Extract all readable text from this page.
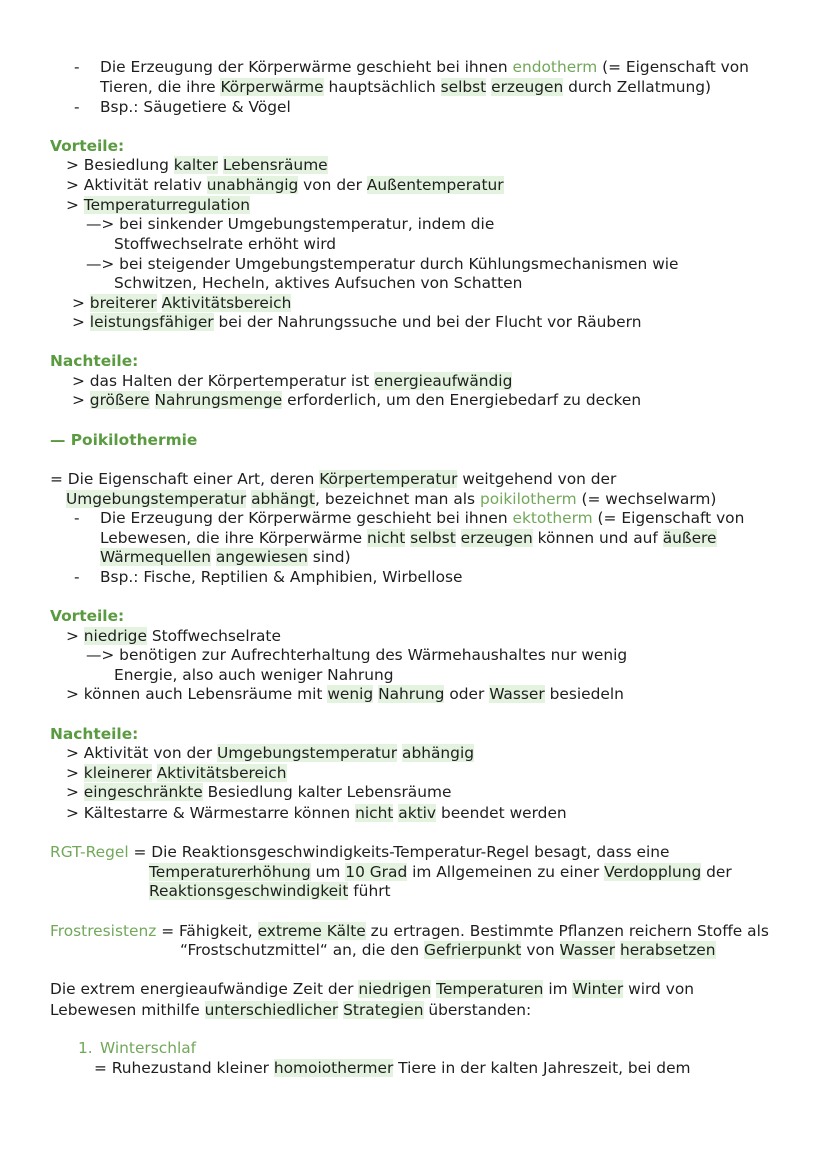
- Die Erzeugung der Körperwärme geschieht bei ihnen endotherm (= Eigenschaft von
Tieren, die ihre Körperwärme hauptsächlich selbst erzeugen durch Zellatmung)
- Bsp.: Säugetiere & Vögel
Vorteile:
> Besiedlung kalter Lebensräume
> Aktivität relativ unabhängig von der Außentemperatur
> Temperaturregulation
—> bei sinkender Umgebungstemperatur, indem die
Stoffwechselrate erhöht wird
—> bei steigender Umgebungstemperatur durch Kühlungsmechanismen wie
Schwitzen, Hecheln, aktives Aufsuchen von Schatten
> breiterer Aktivitätsbereich
> leistungsfähiger bei der Nahrungssuche und bei der Flucht vor Räubern
Nachteile:
> das Halten der Körpertemperatur ist energieaufwändig
> größere Nahrungsmenge erforderlich, um den Energiebedarf zu decken
— Poikilothermie
= Die Eigenschaft einer Art, deren Körpertemperatur weitgehend von der
Umgebungstemperatur abhängt, bezeichnet man als poikilotherm (= wechselwarm)
- Die Erzeugung der Körperwärme geschieht bei ihnen ektotherm (= Eigenschaft von
Lebewesen, die ihre Körperwärme nicht selbst erzeugen können und auf äußere
Wärmequellen angewiesen sind)
- Bsp.: Fische, Reptilien & Amphibien, Wirbellose
Vorteile:
> niedrige Stoffwechselrate
—> benötigen zur Aufrechterhaltung des Wärmehaushaltes nur wenig
Energie, also auch weniger Nahrung
> können auch Lebensräume mit wenig Nahrung oder Wasser besiedeln
Nachteile:
> Aktivität von der Umgebungstemperatur abhängig
> kleinerer Aktivitätsbereich
> eingeschränkte Besiedlung kalter Lebensräume
> Kältestarre & Wärmestarre können nicht aktiv beendet werden
RGT-Regel = Die Reaktionsgeschwindigkeits-Temperatur-Regel besagt, dass eine
Temperaturerhöhung um 10 Grad im Allgemeinen zu einer Verdopplung der
Reaktionsgeschwindigkeit führt
Frostresistenz = Fähigkeit, extreme Kälte zu ertragen. Bestimmte Pflanzen reichern Stoffe als
“Frostschutzmittel“ an, die den Gefrierpunkt von Wasser herabsetzen
Die extrem energieaufwändige Zeit der niedrigen Temperaturen im Winter wird von
Lebewesen mithilfe unterschiedlicher Strategien überstanden:
1. Winterschlaf
= Ruhezustand kleiner homoiothermer Tiere in der kalten Jahreszeit, bei dem
